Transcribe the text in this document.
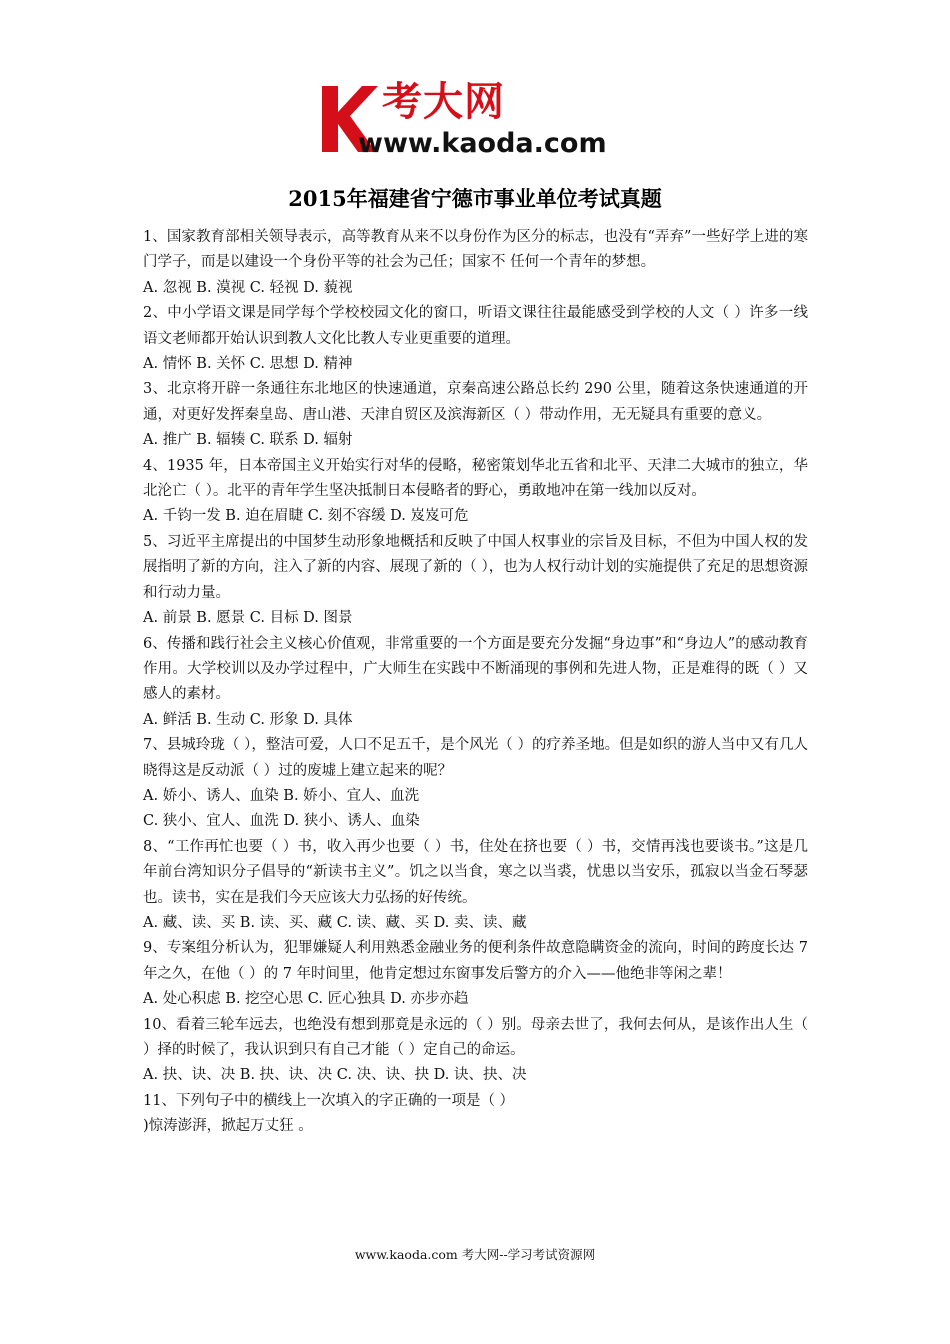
考大网
www.kaoda.com
2015年福建省宁德市事业单位考试真题

1、国家教育部相关领导表示，高等教育从来不以身份作为区分的标志，也没有“弄弃”一些好学上进的寒门学子，而是以建设一个身份平等的社会为己任；国家不 任何一个青年的梦想。

A. 忽视 B. 漠视 C. 轻视 D. 藐视

2、中小学语文课是同学每个学校校园文化的窗口，听语文课往往最能感受到学校的人文（ ）许多一线语文老师都开始认识到教人文化比教人专业更重要的道理。

A. 情怀 B. 关怀 C. 思想 D. 精神

3、北京将开辟一条通往东北地区的快速通道，京秦高速公路总长约 290 公里，随着这条快速通道的开通，对更好发挥秦皇岛、唐山港、天津自贸区及滨海新区（ ）带动作用，无无疑具有重要的意义。

A. 推广 B. 辐辏 C. 联系 D. 辐射

4、1935 年，日本帝国主义开始实行对华的侵略，秘密策划华北五省和北平、天津二大城市的独立，华北沦亡（ ）。北平的青年学生坚决抵制日本侵略者的野心，勇敢地冲在第一线加以反对。

A. 千钧一发 B. 迫在眉睫 C. 刻不容缓 D. 岌岌可危

5、习近平主席提出的中国梦生动形象地概括和反映了中国人权事业的宗旨及目标，不但为中国人权的发展指明了新的方向，注入了新的内容、展现了新的（ ），也为人权行动计划的实施提供了充足的思想资源和行动力量。

A. 前景 B. 愿景 C. 目标 D. 图景

6、传播和践行社会主义核心价值观，非常重要的一个方面是要充分发掘“身边事”和“身边人”的感动教育作用。大学校训以及办学过程中，广大师生在实践中不断涌现的事例和先进人物，正是难得的既（ ）又感人的素材。

A. 鲜活 B. 生动 C. 形象 D. 具体

7、县城玲珑（ ），整洁可爱，人口不足五千，是个风光（ ）的疗养圣地。但是如织的游人当中又有几人晓得这是反动派（ ）过的废墟上建立起来的呢？

A. 娇小、诱人、血染 B. 娇小、宜人、血洗

C. 狭小、宜人、血洗 D. 狭小、诱人、血染

8、“工作再忙也要（ ）书，收入再少也要（ ）书，住处在挤也要（ ）书，交情再浅也要谈书。”这是几年前台湾知识分子倡导的“新读书主义”。饥之以当食，寒之以当裘，忧患以当安乐，孤寂以当金石琴瑟也。读书，实在是我们今天应该大力弘扬的好传统。

A. 藏、读、买 B. 读、买、藏 C. 读、藏、买 D. 卖、读、藏

9、专案组分析认为，犯罪嫌疑人利用熟悉金融业务的便利条件故意隐瞒资金的流向，时间的跨度长达 7 年之久，在他（ ）的 7 年时间里，他肯定想过东窗事发后警方的介入——他绝非等闲之辈！

A. 处心积虑 B. 挖空心思 C. 匠心独具 D. 亦步亦趋

10、看着三轮车远去，也绝没有想到那竟是永远的（ ）别。母亲去世了，我何去何从，是该作出人生（ ）择的时候了，我认识到只有自己才能（ ）定自己的命运。

A. 抉、诀、决 B. 抉、诀、决 C. 决、诀、抉 D. 诀、抉、决

11、下列句子中的横线上一次填入的字正确的一项是（ ）

)惊涛澎湃，掀起万丈狂 。

www.kaoda.com 考大网--学习考试资源网
